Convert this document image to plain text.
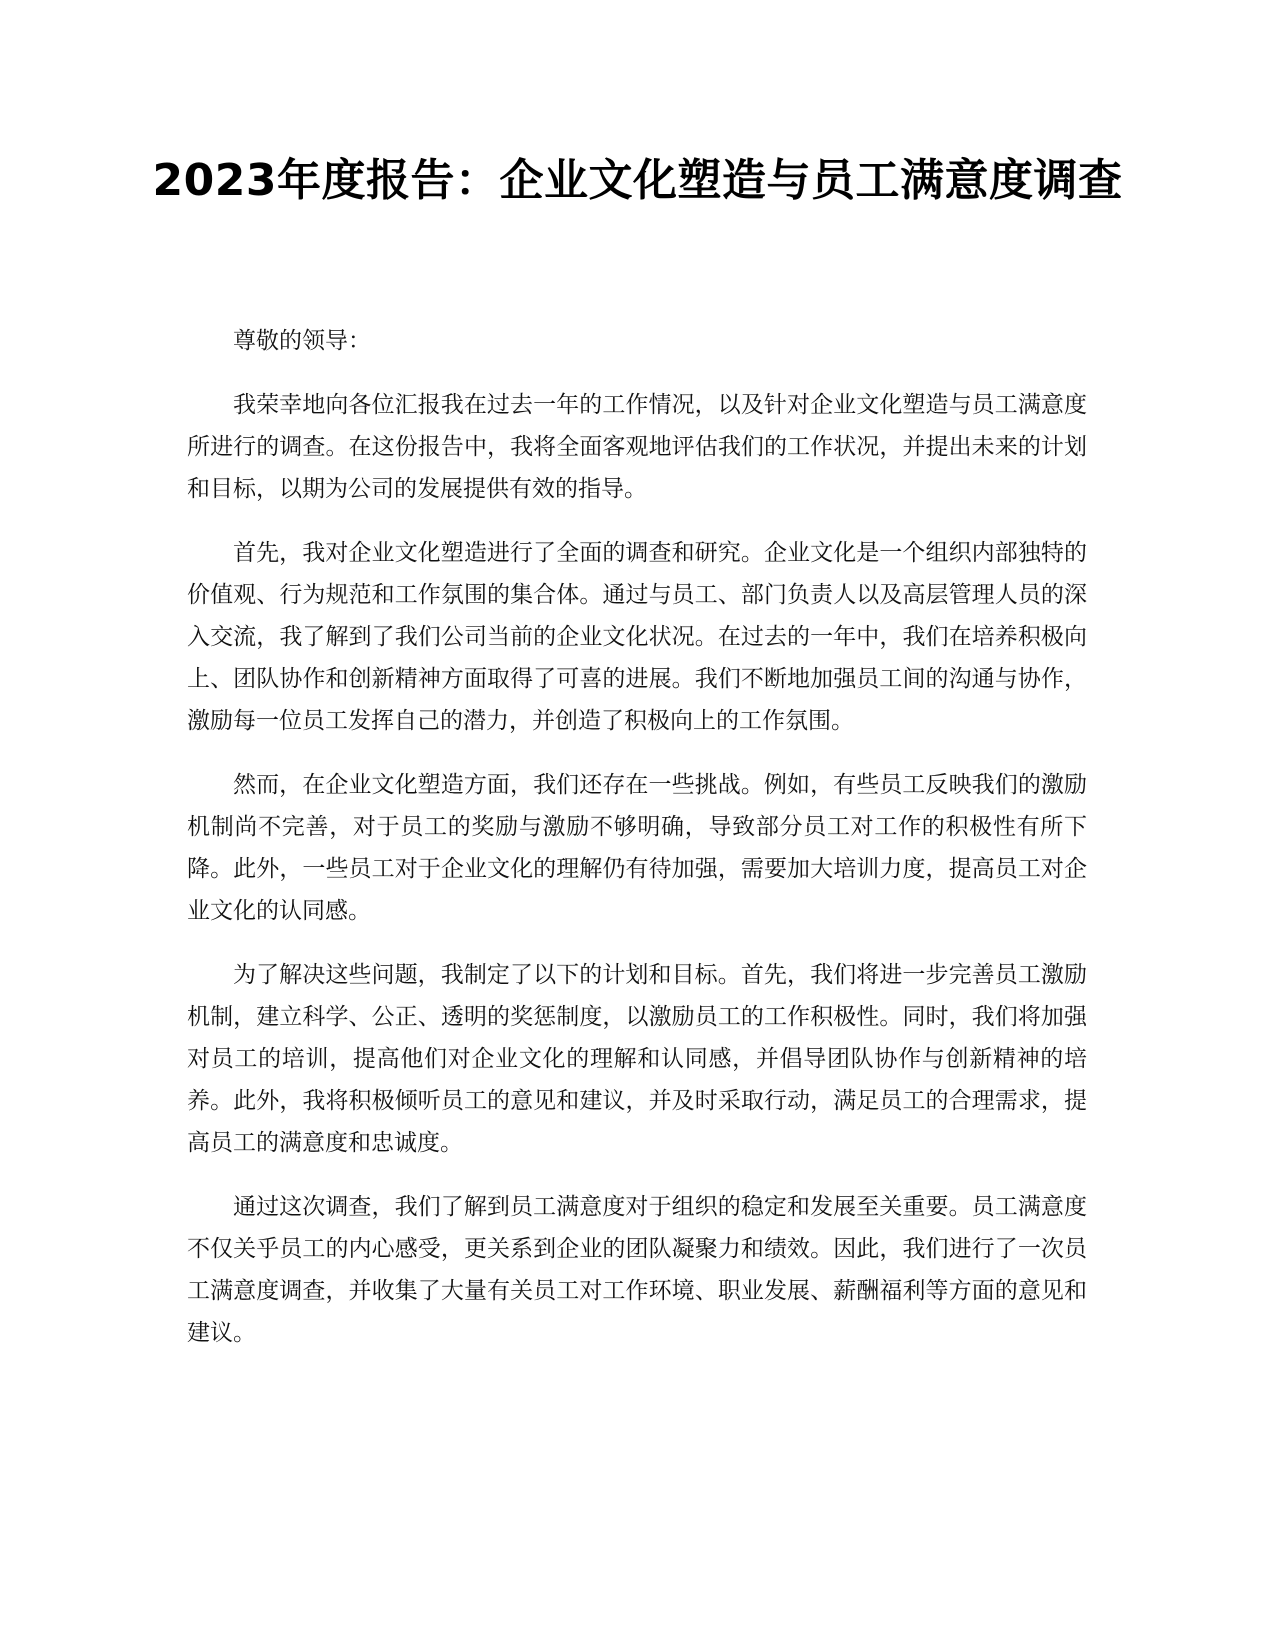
2023年度报告：企业文化塑造与员工满意度调查

尊敬的领导：

我荣幸地向各位汇报我在过去一年的工作情况，以及针对企业文化塑造与员工满意度所进行的调查。在这份报告中，我将全面客观地评估我们的工作状况，并提出未来的计划和目标，以期为公司的发展提供有效的指导。

首先，我对企业文化塑造进行了全面的调查和研究。企业文化是一个组织内部独特的价值观、行为规范和工作氛围的集合体。通过与员工、部门负责人以及高层管理人员的深入交流，我了解到了我们公司当前的企业文化状况。在过去的一年中，我们在培养积极向上、团队协作和创新精神方面取得了可喜的进展。我们不断地加强员工间的沟通与协作，激励每一位员工发挥自己的潜力，并创造了积极向上的工作氛围。

然而，在企业文化塑造方面，我们还存在一些挑战。例如，有些员工反映我们的激励机制尚不完善，对于员工的奖励与激励不够明确，导致部分员工对工作的积极性有所下降。此外，一些员工对于企业文化的理解仍有待加强，需要加大培训力度，提高员工对企业文化的认同感。

为了解决这些问题，我制定了以下的计划和目标。首先，我们将进一步完善员工激励机制，建立科学、公正、透明的奖惩制度，以激励员工的工作积极性。同时，我们将加强对员工的培训，提高他们对企业文化的理解和认同感，并倡导团队协作与创新精神的培养。此外，我将积极倾听员工的意见和建议，并及时采取行动，满足员工的合理需求，提高员工的满意度和忠诚度。

通过这次调查，我们了解到员工满意度对于组织的稳定和发展至关重要。员工满意度不仅关乎员工的内心感受，更关系到企业的团队凝聚力和绩效。因此，我们进行了一次员工满意度调查，并收集了大量有关员工对工作环境、职业发展、薪酬福利等方面的意见和建议。
